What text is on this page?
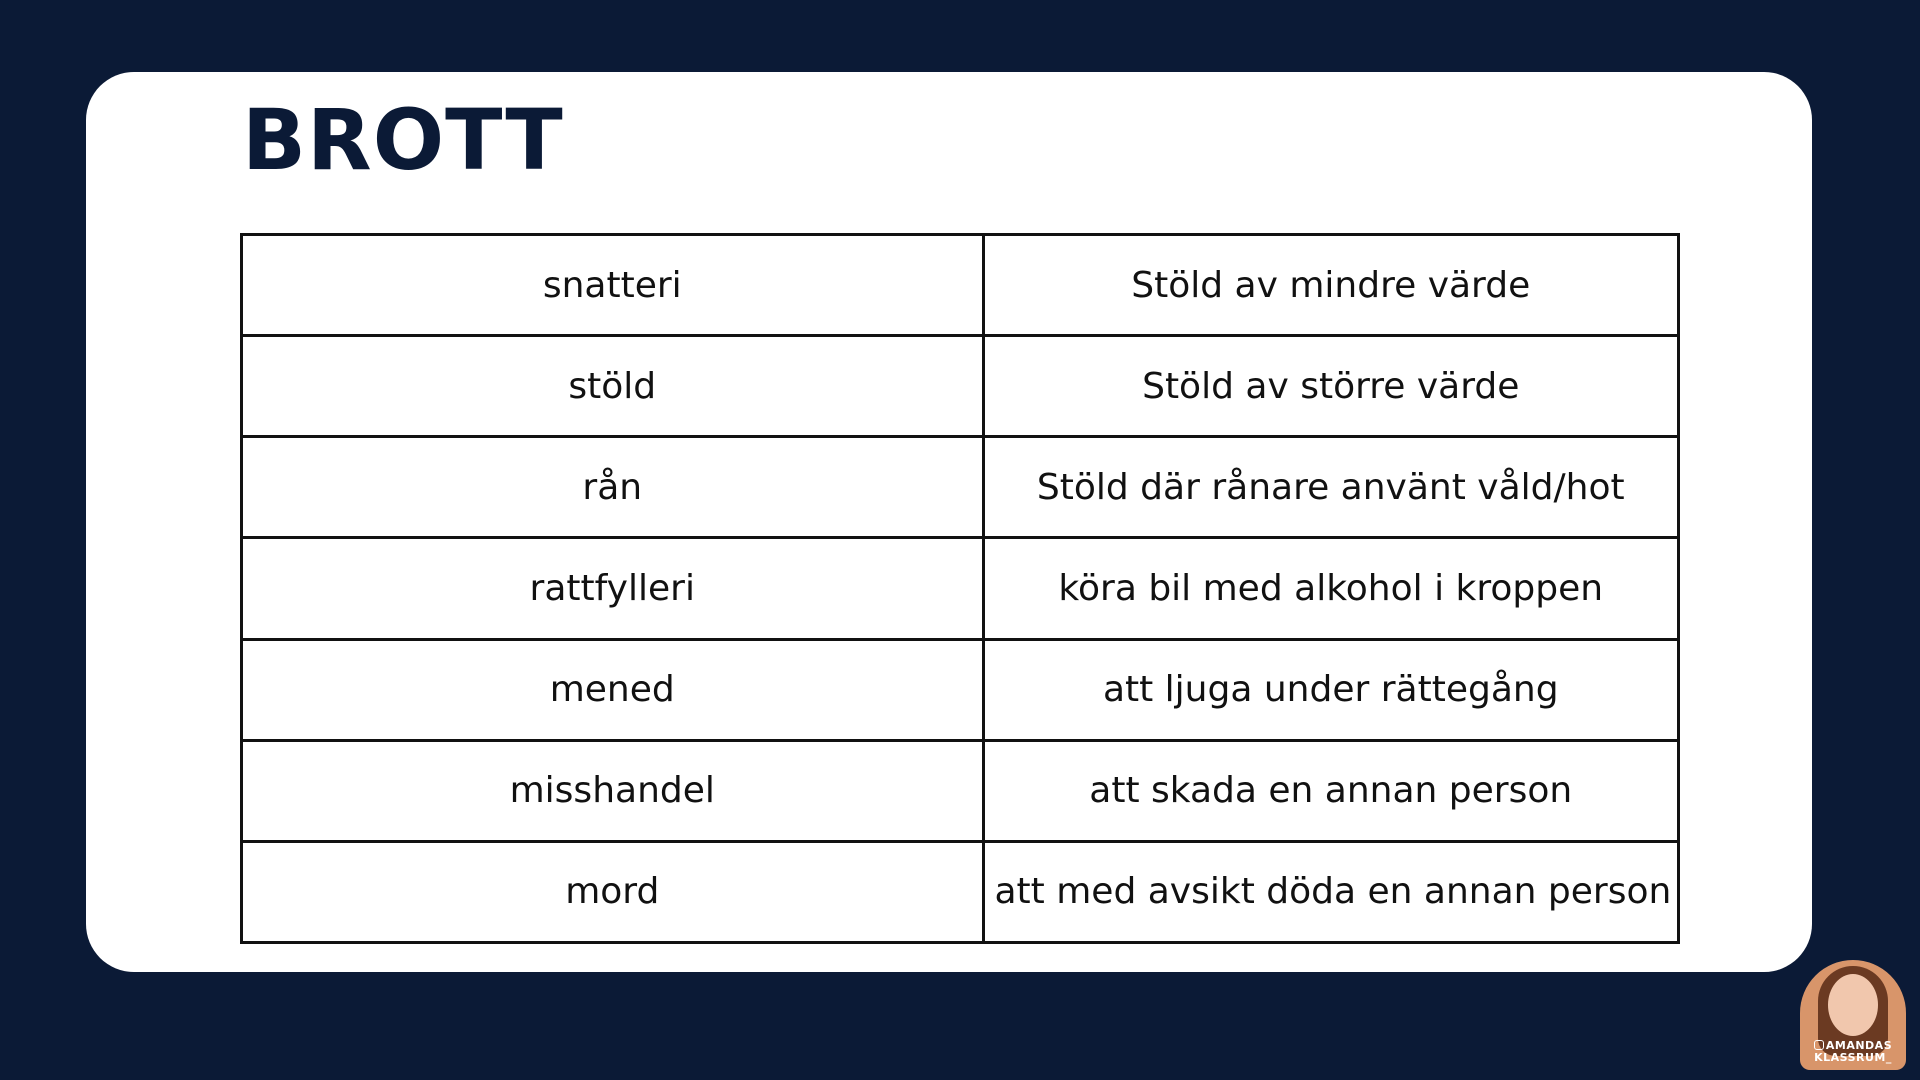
BROTT
snatteri	Stöld av mindre värde
stöld	Stöld av större värde
rån	Stöld där rånare använt våld/hot
rattfylleri	köra bil med alkohol i kroppen
mened	att ljuga under rättegång
misshandel	att skada en annan person
mord	att med avsikt döda en annan person
AMANDAS
KLASSRUM_
